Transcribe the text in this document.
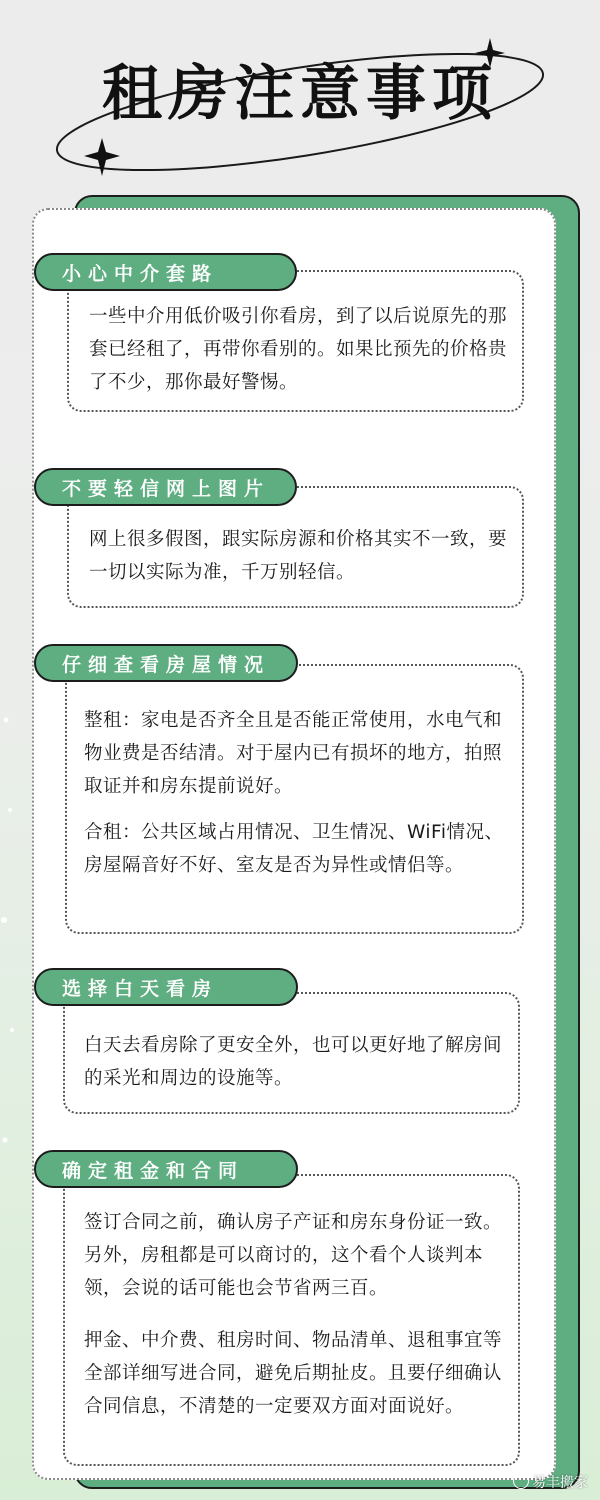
租房注意事项
一些中介用低价吸引你看房，到了以后说原先的那套已经租了，再带你看别的。如果比预先的价格贵了不少，那你最好警惕。
小心中介套路
网上很多假图，跟实际房源和价格其实不一致，要一切以实际为准，千万别轻信。
不要轻信网上图片
整租：家电是否齐全且是否能正常使用，水电气和物业费是否结清。对于屋内已有损坏的地方，拍照取证并和房东提前说好。
合租：公共区域占用情况、卫生情况、WiFi情况、房屋隔音好不好、室友是否为异性或情侣等。
仔细查看房屋情况
白天去看房除了更安全外，也可以更好地了解房间的采光和周边的设施等。
选择白天看房
签订合同之前，确认房子产证和房东身份证一致。另外，房租都是可以商讨的，这个看个人谈判本领，会说的话可能也会节省两三百。
押金、中介费、租房时间、物品清单、退租事宜等全部详细写进合同，避免后期扯皮。且要仔细确认合同信息，不清楚的一定要双方面对面说好。
确定租金和合同
易丰搬家
